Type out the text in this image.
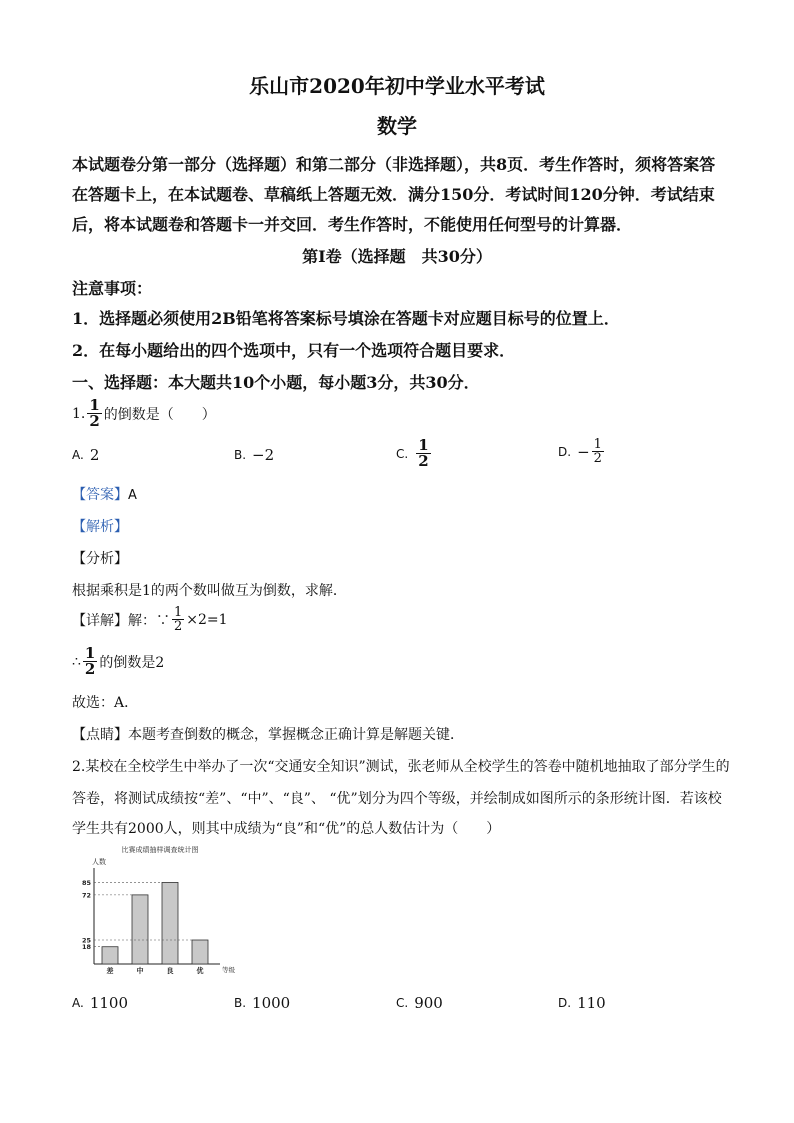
乐山市2020年初中学业水平考试
数学
本试题卷分第一部分（选择题）和第二部分（非选择题），共8页．考生作答时，须将答案答
在答题卡上，在本试题卷、草稿纸上答题无效．满分150分．考试时间120分钟．考试结束
后，将本试题卷和答题卡一并交回．考生作答时，不能使用任何型号的计算器．
第Ⅰ卷（选择题　共30分）
注意事项：
1．选择题必须使用2B铅笔将答案标号填涂在答题卡对应题目标号的位置上．
2．在每小题给出的四个选项中，只有一个选项符合题目要求．
一、选择题：本大题共10个小题，每小题3分，共30分．
1. $\frac{1}{2}$ 的倒数是（　　）
A. 2	B. −2	C. $\frac{1}{2}$	D. − $\frac{1}{2}$
【答案】A
【解析】
【分析】
根据乘积是1的两个数叫做互为倒数，求解．
【详解】 解：∵ $\frac{1}{2} \times 2=1$
∴ $\frac{1}{2}$ 的倒数是2
故选：A．
【点睛】本题考查倒数的概念，掌握概念正确计算是解题关键．
2.某校在全校学生中举办了一次“交通安全知识”测试，张老师从全校学生的答卷中随机地抽取了部分学生的
答卷，将测试成绩按“差”、“中”、“良”、 “优”划分为四个等级，并绘制成如图所示的条形统计图．若该校
学生共有2000人，则其中成绩为“良”和“优”的总人数估计为（　　）
比赛成绩抽样调查统计图
人数
等级
差	中	良	优
18
25
72
85
A. 1100	B. 1000	C. 900	D. 110
